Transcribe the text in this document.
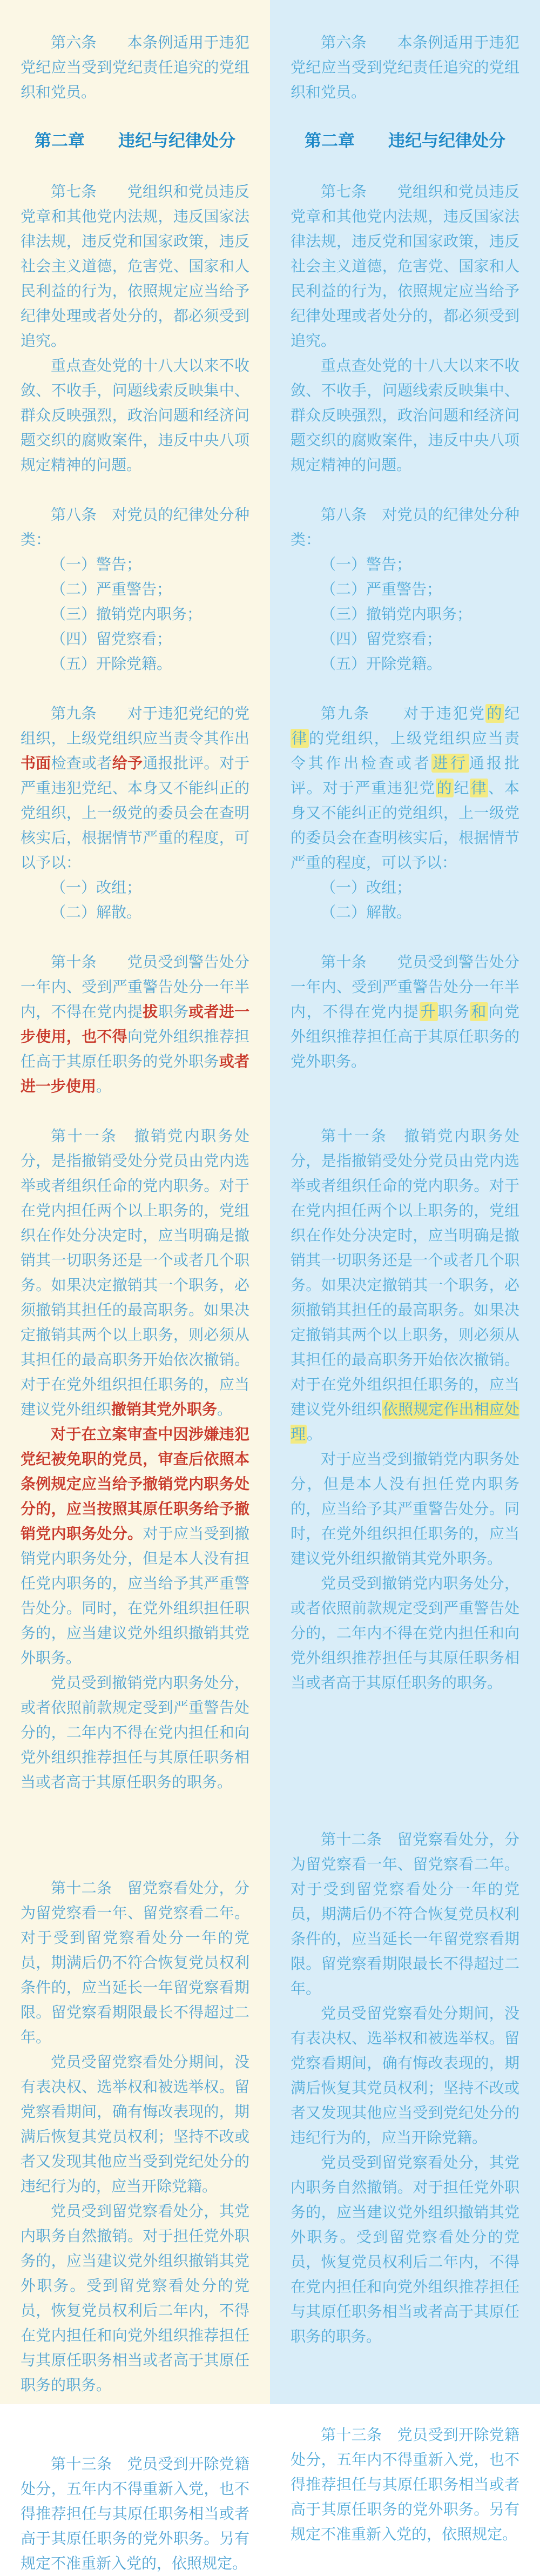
第六条　　本条例适用于违犯党纪应当受到党纪责任追究的党组织和党员。

第六条　　本条例适用于违犯党纪应当受到党纪责任追究的党组织和党员。

第二章　　违纪与纪律处分	第二章　　违纪与纪律处分

第七条　　党组织和党员违反党章和其他党内法规，违反国家法律法规，违反党和国家政策，违反社会主义道德，危害党、国家和人民利益的行为，依照规定应当给予纪律处理或者处分的，都必须受到追究。

重点查处党的十八大以来不收敛、不收手，问题线索反映集中、群众反映强烈，政治问题和经济问题交织的腐败案件，违反中央八项规定精神的问题。

第七条　　党组织和党员违反党章和其他党内法规，违反国家法律法规，违反党和国家政策，违反社会主义道德，危害党、国家和人民利益的行为，依照规定应当给予纪律处理或者处分的，都必须受到追究。

重点查处党的十八大以来不收敛、不收手，问题线索反映集中、群众反映强烈，政治问题和经济问题交织的腐败案件，违反中央八项规定精神的问题。

第八条　对党员的纪律处分种类：

（一）警告；

（二）严重警告；

（三）撤销党内职务；

（四）留党察看；

（五）开除党籍。

第八条　对党员的纪律处分种类：

（一）警告；

（二）严重警告；

（三）撤销党内职务；

（四）留党察看；

（五）开除党籍。

第九条　　对于违犯党纪的党组织，上级党组织应当责令其作出书面检查或者给予通报批评。对于严重违犯党纪、本身又不能纠正的党组织，上一级党的委员会在查明核实后，根据情节严重的程度，可以予以：

（一）改组；

（二）解散。

第九条　　对于违犯党的纪律的党组织，上级党组织应当责令其作出检查或者进行通报批评。对于严重违犯党的纪律、本身又不能纠正的党组织，上一级党的委员会在查明核实后，根据情节严重的程度，可以予以：

（一）改组；

（二）解散。

第十条　　党员受到警告处分一年内、受到严重警告处分一年半内，不得在党内提拔职务或者进一步使用，也不得向党外组织推荐担任高于其原任职务的党外职务或者进一步使用。

第十条　　党员受到警告处分一年内、受到严重警告处分一年半内，不得在党内提升职务和向党外组织推荐担任高于其原任职务的党外职务。

第十一条　撤销党内职务处分，是指撤销受处分党员由党内选举或者组织任命的党内职务。对于在党内担任两个以上职务的，党组织在作处分决定时，应当明确是撤销其一切职务还是一个或者几个职务。如果决定撤销其一个职务，必须撤销其担任的最高职务。如果决定撤销其两个以上职务，则必须从其担任的最高职务开始依次撤销。对于在党外组织担任职务的，应当建议党外组织撤销其党外职务。

对于在立案审查中因涉嫌违犯党纪被免职的党员，审查后依照本条例规定应当给予撤销党内职务处分的，应当按照其原任职务给予撤销党内职务处分。对于应当受到撤销党内职务处分，但是本人没有担任党内职务的，应当给予其严重警告处分。同时，在党外组织担任职务的，应当建议党外组织撤销其党外职务。

党员受到撤销党内职务处分，或者依照前款规定受到严重警告处分的，二年内不得在党内担任和向党外组织推荐担任与其原任职务相当或者高于其原任职务的职务。

第十一条　撤销党内职务处分，是指撤销受处分党员由党内选举或者组织任命的党内职务。对于在党内担任两个以上职务的，党组织在作处分决定时，应当明确是撤销其一切职务还是一个或者几个职务。如果决定撤销其一个职务，必须撤销其担任的最高职务。如果决定撤销其两个以上职务，则必须从其担任的最高职务开始依次撤销。对于在党外组织担任职务的，应当建议党外组织依照规定作出相应处理。

对于应当受到撤销党内职务处分，但是本人没有担任党内职务的，应当给予其严重警告处分。同时，在党外组织担任职务的，应当建议党外组织撤销其党外职务。

党员受到撤销党内职务处分，或者依照前款规定受到严重警告处分的，二年内不得在党内担任和向党外组织推荐担任与其原任职务相当或者高于其原任职务的职务。

第十二条　留党察看处分，分为留党察看一年、留党察看二年。对于受到留党察看处分一年的党员，期满后仍不符合恢复党员权利条件的，应当延长一年留党察看期限。留党察看期限最长不得超过二年。

党员受留党察看处分期间，没有表决权、选举权和被选举权。留党察看期间，确有悔改表现的，期满后恢复其党员权利；坚持不改或者又发现其他应当受到党纪处分的违纪行为的，应当开除党籍。

党员受到留党察看处分，其党内职务自然撤销。对于担任党外职务的，应当建议党外组织撤销其党外职务。受到留党察看处分的党员，恢复党员权利后二年内，不得在党内担任和向党外组织推荐担任与其原任职务相当或者高于其原任职务的职务。

第十二条　留党察看处分，分为留党察看一年、留党察看二年。对于受到留党察看处分一年的党员，期满后仍不符合恢复党员权利条件的，应当延长一年留党察看期限。留党察看期限最长不得超过二年。

党员受留党察看处分期间，没有表决权、选举权和被选举权。留党察看期间，确有悔改表现的，期满后恢复其党员权利；坚持不改或者又发现其他应当受到党纪处分的违纪行为的，应当开除党籍。

党员受到留党察看处分，其党内职务自然撤销。对于担任党外职务的，应当建议党外组织撤销其党外职务。受到留党察看处分的党员，恢复党员权利后二年内，不得在党内担任和向党外组织推荐担任与其原任职务相当或者高于其原任职务的职务。

第十三条　党员受到开除党籍处分，五年内不得重新入党，也不得推荐担任与其原任职务相当或者高于其原任职务的党外职务。另有规定不准重新入党的，依照规定。

第十三条　党员受到开除党籍处分，五年内不得重新入党，也不得推荐担任与其原任职务相当或者高于其原任职务的党外职务。另有规定不准重新入党的，依照规定。
